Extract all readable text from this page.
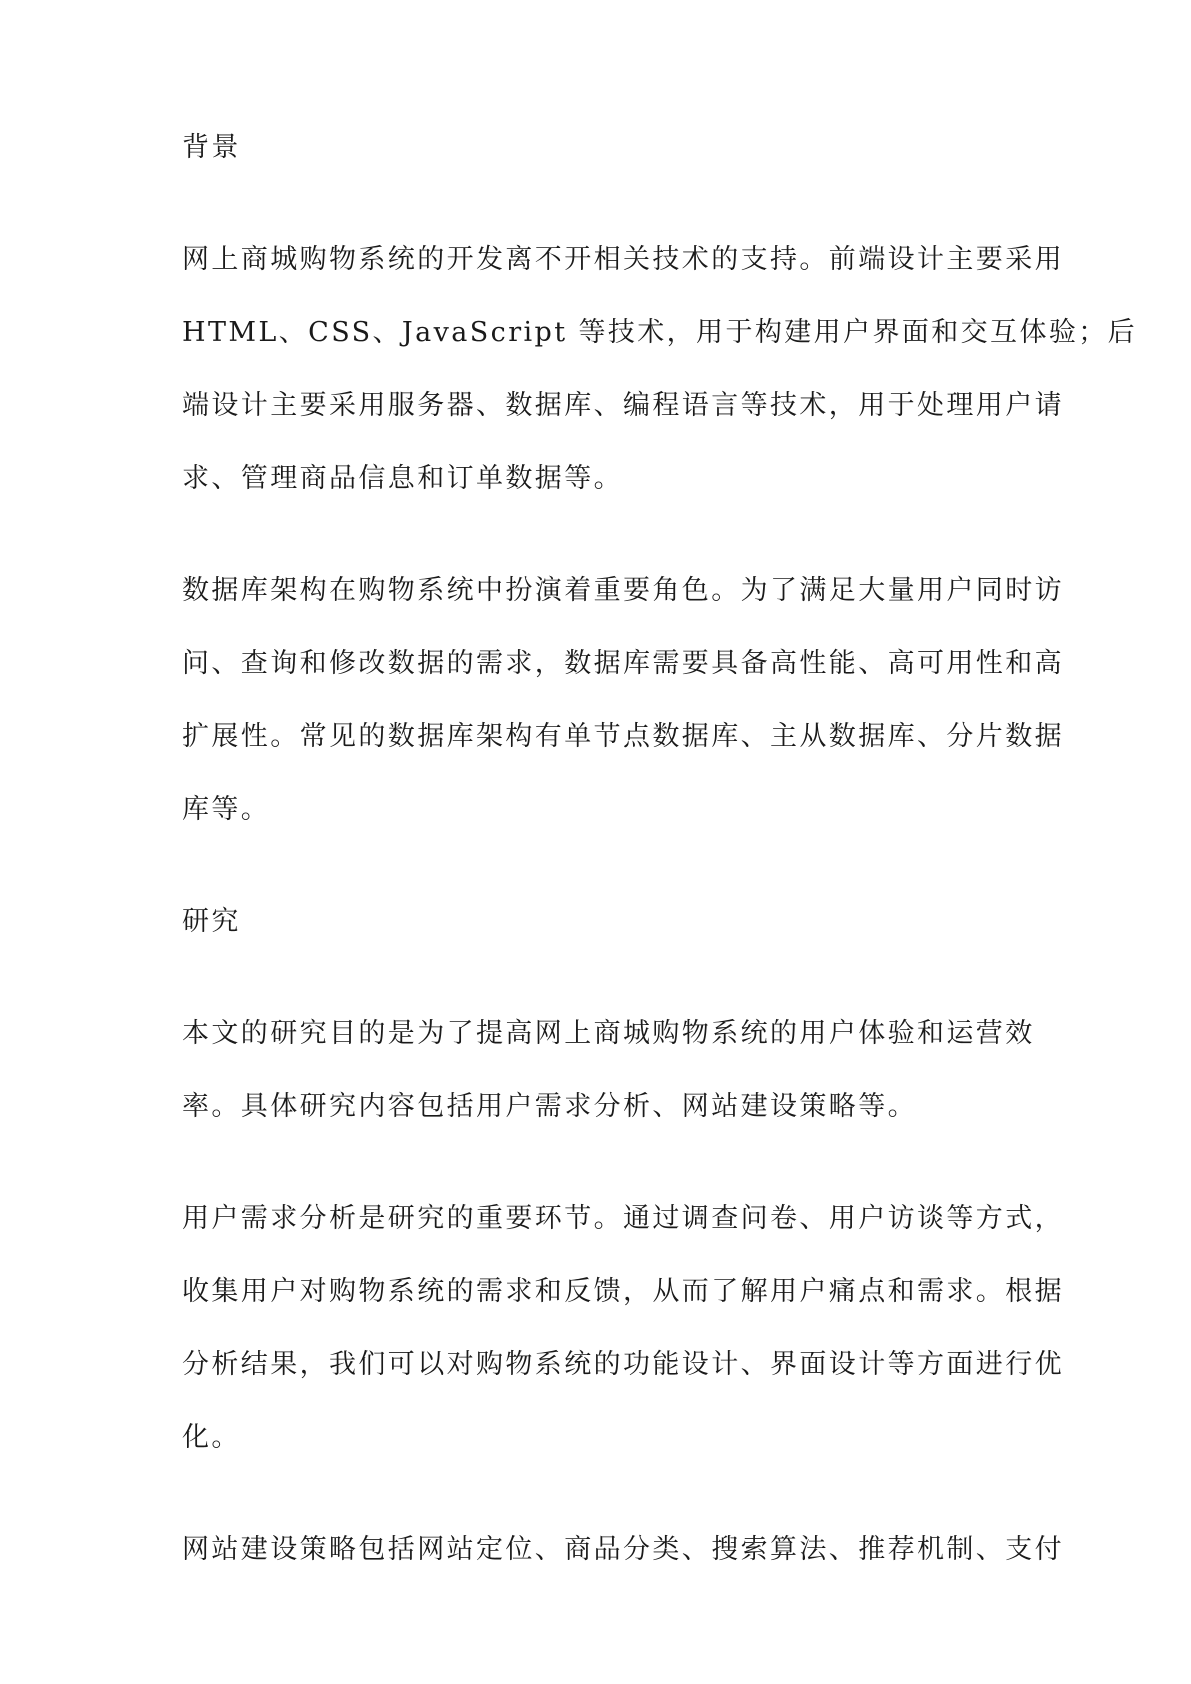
背景
网上商城购物系统的开发离不开相关技术的支持。前端设计主要采用
HTML、CSS、JavaScript 等技术，用于构建用户界面和交互体验；后
端设计主要采用服务器、数据库、编程语言等技术，用于处理用户请
求、管理商品信息和订单数据等。
数据库架构在购物系统中扮演着重要角色。为了满足大量用户同时访
问、查询和修改数据的需求，数据库需要具备高性能、高可用性和高
扩展性。常见的数据库架构有单节点数据库、主从数据库、分片数据
库等。
研究
本文的研究目的是为了提高网上商城购物系统的用户体验和运营效
率。具体研究内容包括用户需求分析、网站建设策略等。
用户需求分析是研究的重要环节。通过调查问卷、用户访谈等方式，
收集用户对购物系统的需求和反馈，从而了解用户痛点和需求。根据
分析结果，我们可以对购物系统的功能设计、界面设计等方面进行优
化。
网站建设策略包括网站定位、商品分类、搜索算法、推荐机制、支付
